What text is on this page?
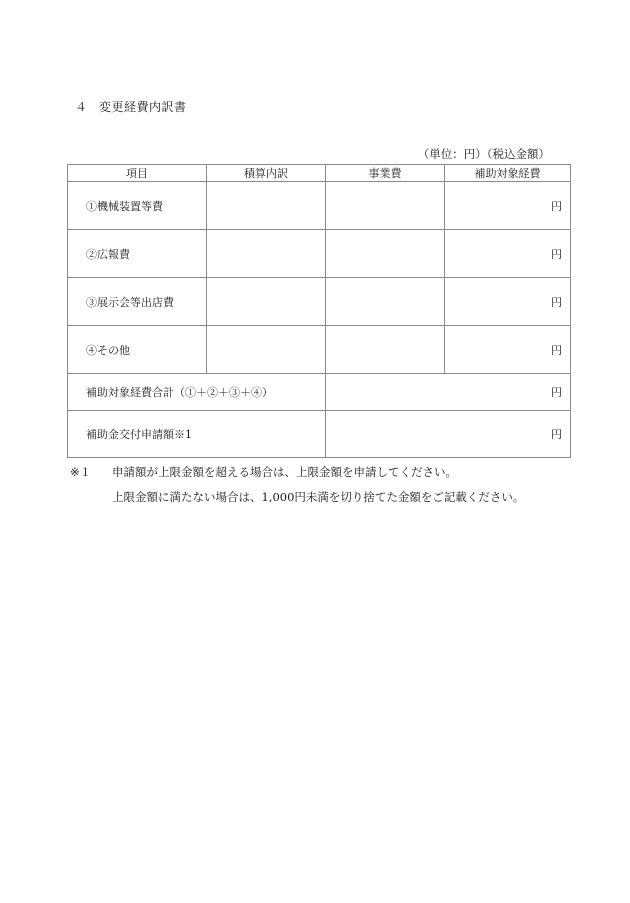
４ 変更経費内訳書
（単位：円）（税込金額）
項目	積算内訳	事業費	補助対象経費
①機械装置等費			円
②広報費			円
③展示会等出店費			円
④その他			円
補助対象経費合計（①＋②＋③＋④）		円	
補助金交付申請額※1		円	
※１ 申請額が上限金額を超える場合は、上限金額を申請してください。
上限金額に満たない場合は、1,000円未満を切り捨てた金額をご記載ください。
